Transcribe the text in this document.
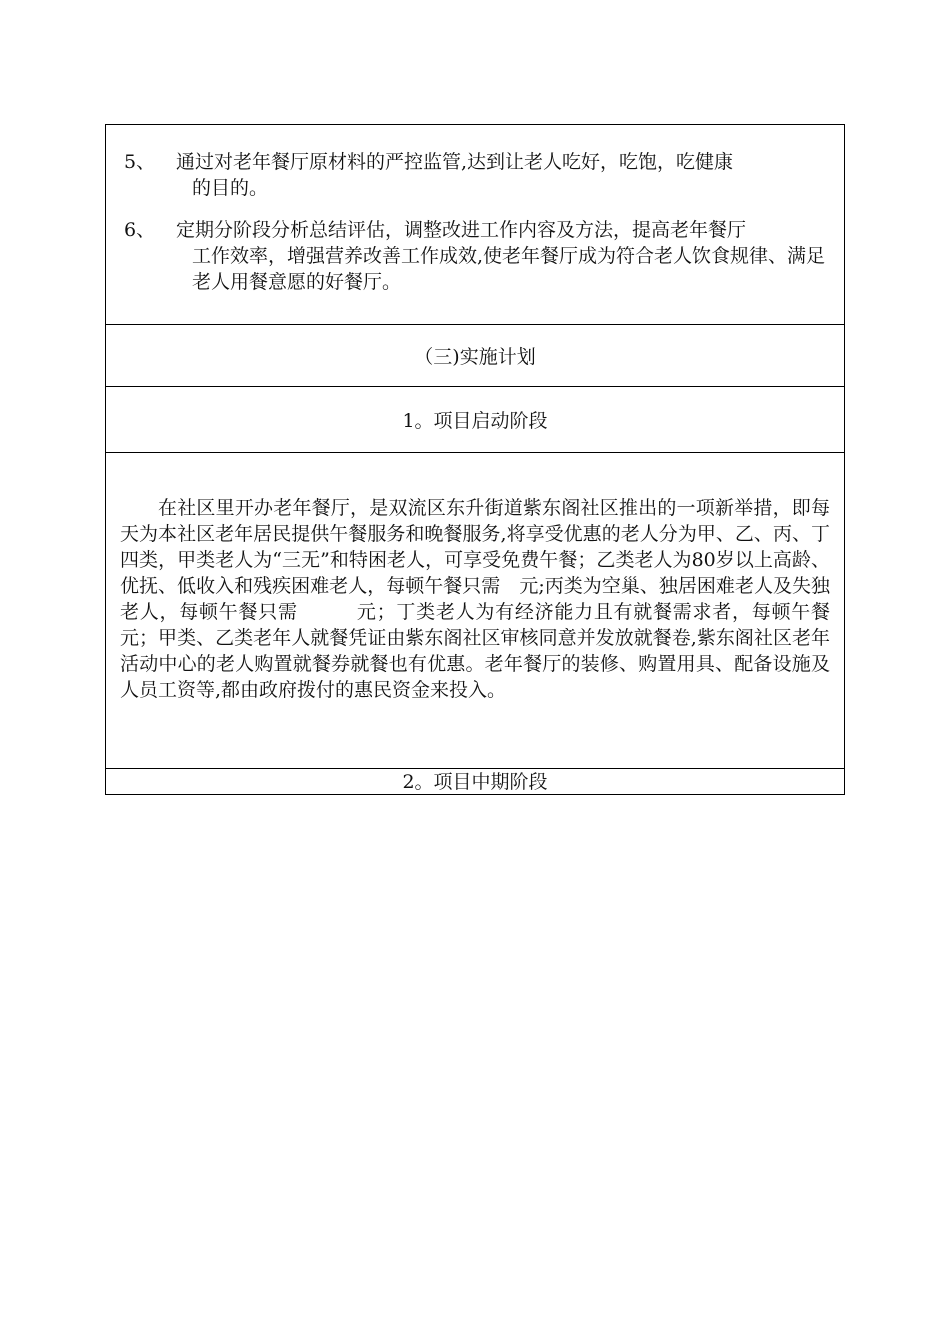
5、	通过对老年餐厅原材料的严控监管,达到让老人吃好，吃饱，吃健康
的目的。
6、	定期分阶段分析总结评估，调整改进工作内容及方法，提高老年餐厅
工作效率，增强营养改善工作成效,使老年餐厅成为符合老人饮食规律、满足老人用餐意愿的好餐厅。
（三)实施计划
1。项目启动阶段

在社区里开办老年餐厅，是双流区东升街道紫东阁社区推出的一项新举措，即每天为本社区老年居民提供午餐服务和晚餐服务,将享受优惠的老人分为甲、乙、丙、丁四类，甲类老人为“三无”和特困老人，可享受免费午餐；乙类老人为80岁以上高龄、优抚、低收入和残疾困难老人，每顿午餐只需　元;丙类为空巢、独居困难老人及失独老人，每顿午餐只需　　　元；丁类老人为有经济能力且有就餐需求者，每顿午餐　元；甲类、乙类老年人就餐凭证由紫东阁社区审核同意并发放就餐卷,紫东阁社区老年活动中心的老人购置就餐券就餐也有优惠。老年餐厅的装修、购置用具、配备设施及人员工资等,都由政府拨付的惠民资金来投入。

2。项目中期阶段
